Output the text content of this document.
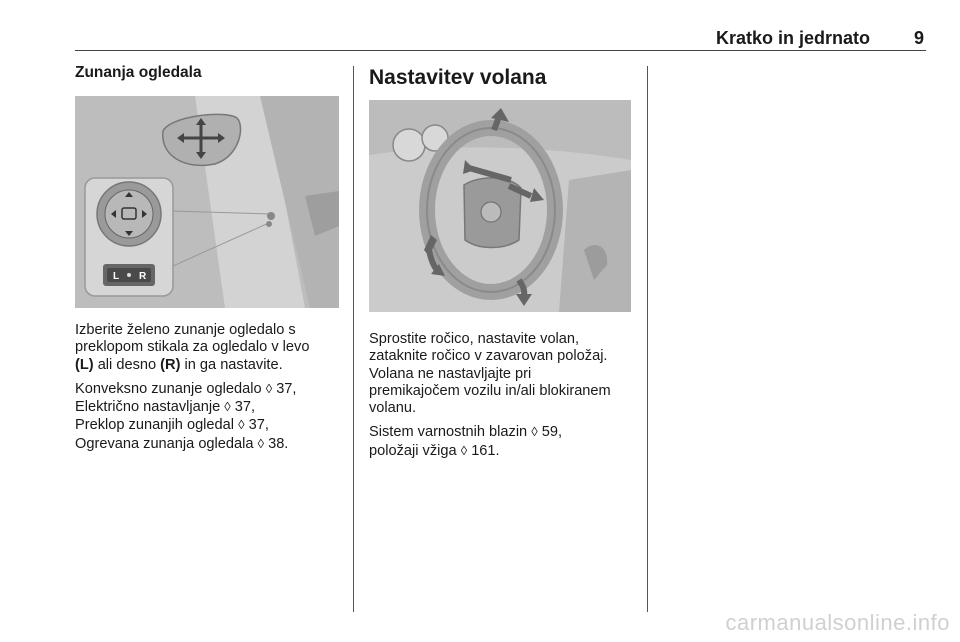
Kratko in jedrnato 9
Zunanja ogledala
L R

Izberite želeno zunanje ogledalo s
preklopom stikala za ogledalo v levo
(L) ali desno (R) in ga nastavite.

Konveksno zunanje ogledalo ◊ 37,
Električno nastavljanje ◊ 37,
Preklop zunanjih ogledal ◊ 37,
Ogrevana zunanja ogledala ◊ 38.

Nastavitev volana

Sprostite ročico, nastavite volan,
zataknite ročico v zavarovan položaj.
Volana ne nastavljajte pri
premikajočem vozilu in/ali blokiranem
volanu.

Sistem varnostnih blazin ◊ 59,
položaji vžiga ◊ 161.

carmanualsonline.info
